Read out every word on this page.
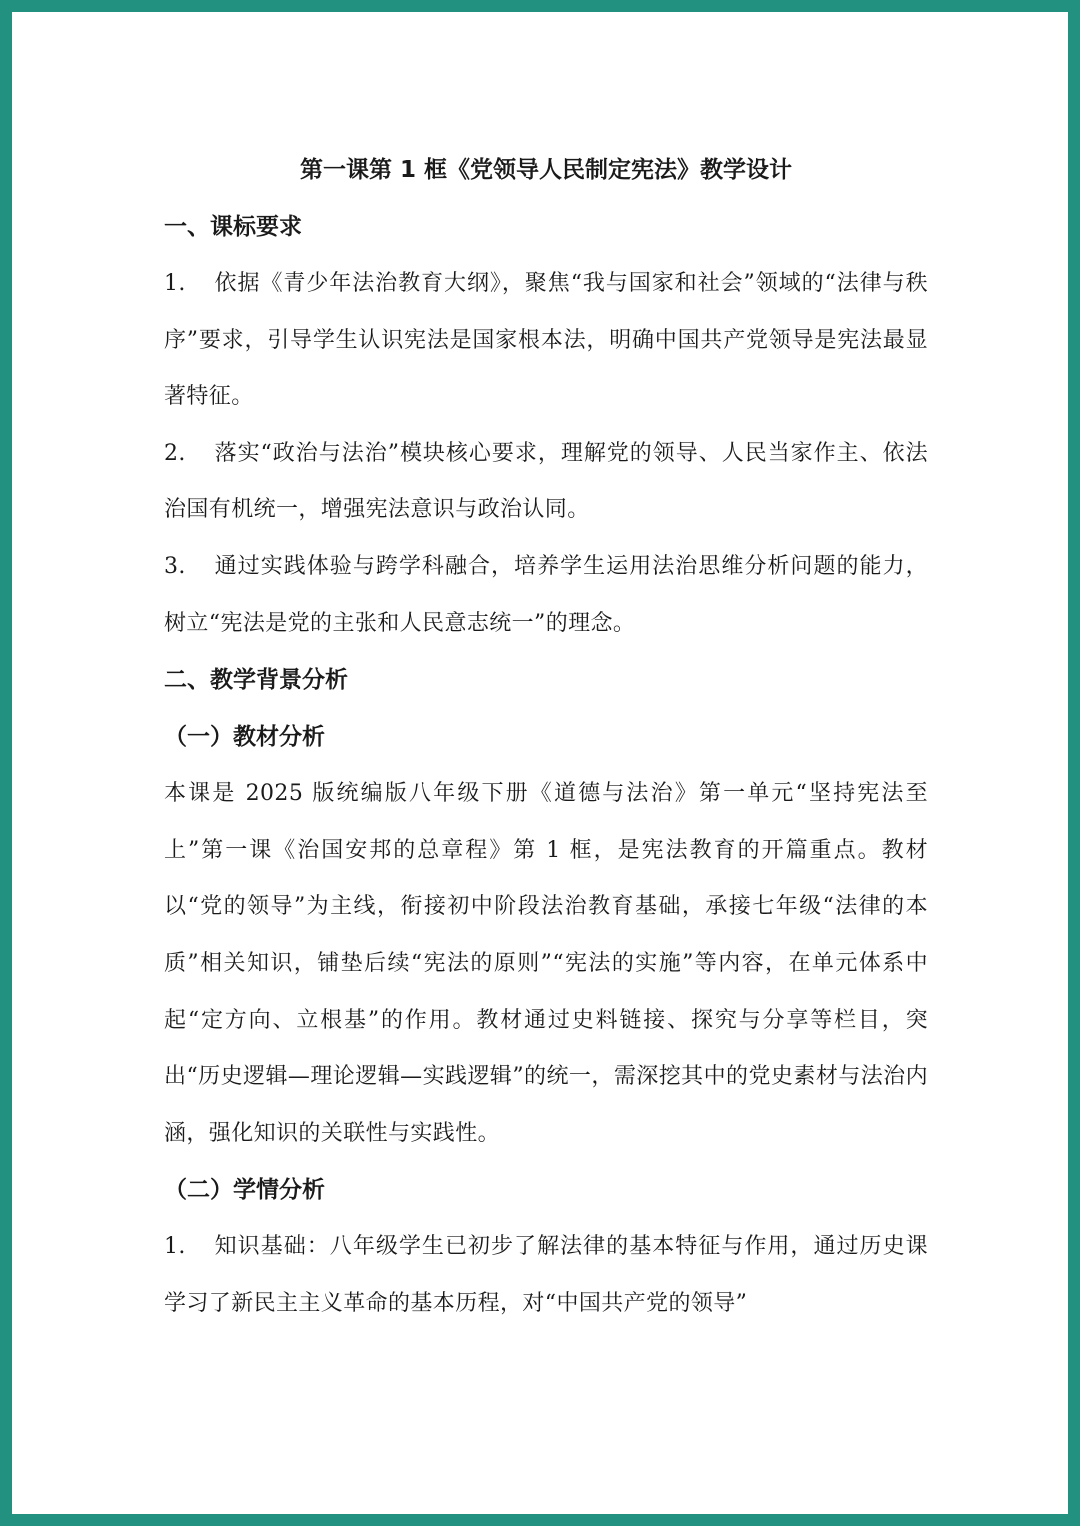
第一课第 1 框《党领导人民制定宪法》教学设计
一、课标要求

1. 依据《青少年法治教育大纲》，聚焦“我与国家和社会”领域的“法律与秩序”要求，引导学生认识宪法是国家根本法，明确中国共产党领导是宪法最显著特征。

2. 落实“政治与法治”模块核心要求，理解党的领导、人民当家作主、依法治国有机统一，增强宪法意识与政治认同。

3. 通过实践体验与跨学科融合，培养学生运用法治思维分析问题的能力，树立“宪法是党的主张和人民意志统一”的理念。

二、教学背景分析
（一）教材分析

本课是 2025 版统编版八年级下册《道德与法治》第一单元“坚持宪法至上”第一课《治国安邦的总章程》第 1 框，是宪法教育的开篇重点。教材以“党的领导”为主线，衔接初中阶段法治教育基础，承接七年级“法律的本质”相关知识，铺垫后续“宪法的原则”“宪法的实施”等内容，在单元体系中起“定方向、立根基”的作用。教材通过史料链接、探究与分享等栏目，突出“历史逻辑—理论逻辑—实践逻辑”的统一，需深挖其中的党史素材与法治内涵，强化知识的关联性与实践性。

（二）学情分析

1. 知识基础：八年级学生已初步了解法律的基本特征与作用，通过历史课学习了新民主主义革命的基本历程，对“中国共产党的领导”
